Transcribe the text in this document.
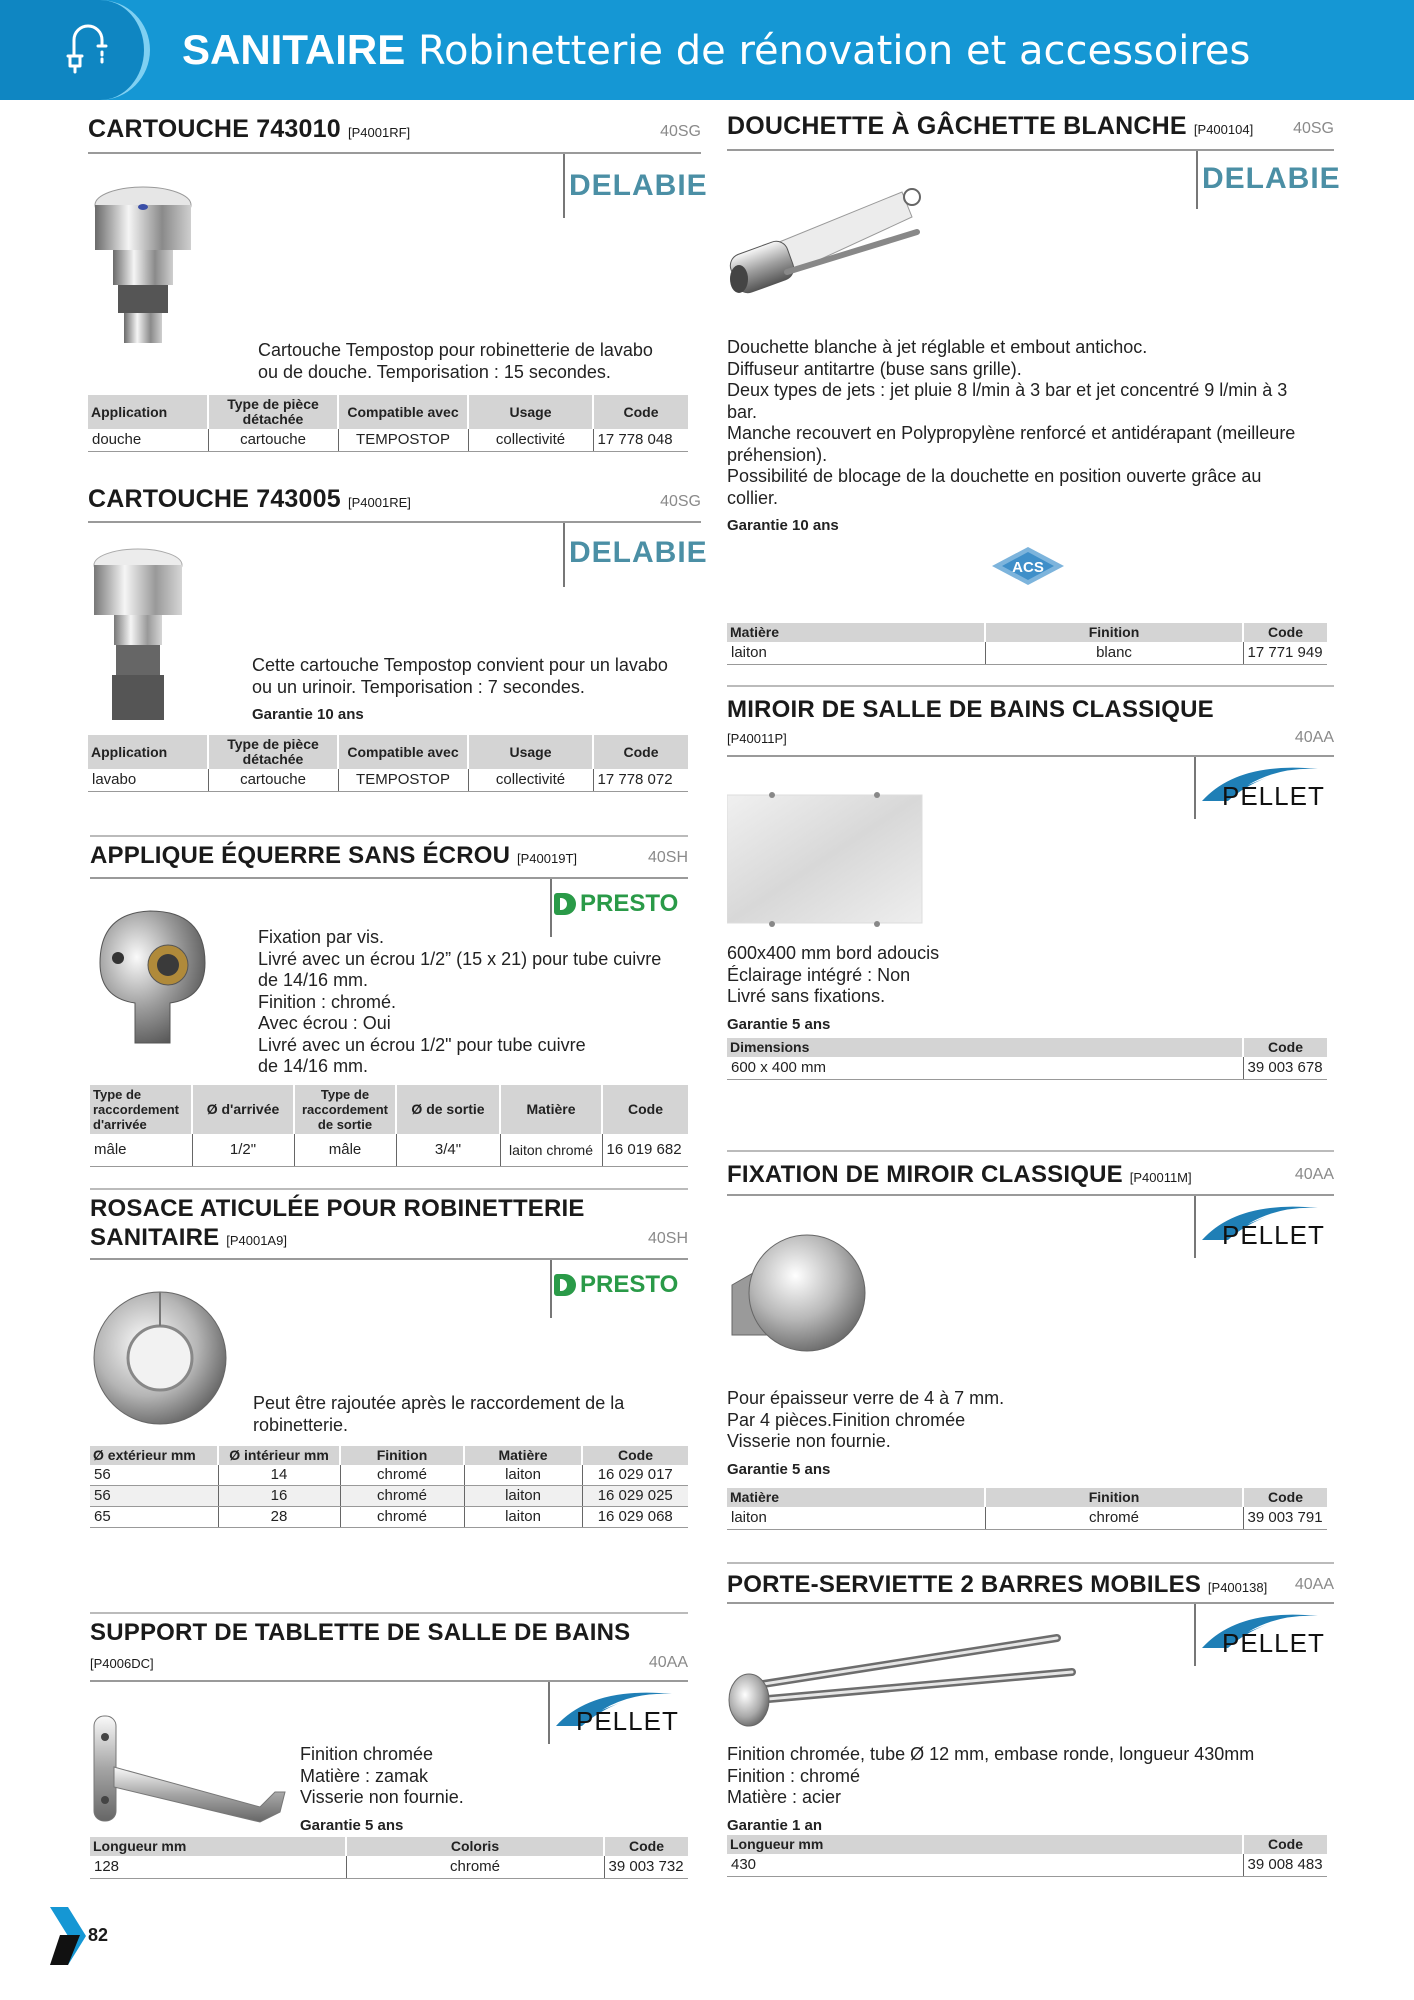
SANITAIRE Robinetterie de rénovation et accessoires
CARTOUCHE 743010 [P4001RF]	40SG
DELABIE
Cartouche Tempostop pour robinetterie de lavabo
ou de douche. Temporisation : 15 secondes.
Application	Type de pièce détachée	Compatible avec	Usage	Code
douche	cartouche	TEMPOSTOP	collectivité	17 778 048
CARTOUCHE 743005 [P4001RE]	40SG
DELABIE
Cette cartouche Tempostop convient pour un lavabo
ou un urinoir. Temporisation : 7 secondes.
Garantie 10 ans
Application	Type de pièce détachée	Compatible avec	Usage	Code
lavabo	cartouche	TEMPOSTOP	collectivité	17 778 072
APPLIQUE ÉQUERRE SANS ÉCROU [P40019T]	40SH
PRESTO
Fixation par vis.
Livré avec un écrou 1/2” (15 x 21) pour tube cuivre
de 14/16 mm.
Finition : chromé.
Avec écrou : Oui
Livré avec un écrou 1/2" pour tube cuivre
de 14/16 mm.
Type de raccordement d'arrivée	Ø d'arrivée	Type de raccordement de sortie	Ø de sortie	Matière	Code
mâle	1/2"	mâle	3/4"	laiton chromé	16 019 682
ROSACE ATICULÉE POUR ROBINETTERIE
SANITAIRE [P4001A9]	40SH
PRESTO
Peut être rajoutée après le raccordement de la
robinetterie.
Ø extérieur mm	Ø intérieur mm	Finition	Matière	Code
56	14	chromé	laiton	16 029 017
56	16	chromé	laiton	16 029 025
65	28	chromé	laiton	16 029 068
SUPPORT DE TABLETTE DE SALLE DE BAINS
[P4006DC]	40AA
PELLET
Finition chromée
Matière : zamak
Visserie non fournie.
Garantie 5 ans
Longueur mm	Coloris	Code
128	chromé	39 003 732
DOUCHETTE À GÂCHETTE BLANCHE [P400104]	40SG
DELABIE
Douchette blanche à jet réglable et embout antichoc.
Diffuseur antitartre (buse sans grille).
Deux types de jets : jet pluie 8 l/min à 3 bar et jet concentré 9 l/min à 3
bar.
Manche recouvert en Polypropylène renforcé et antidérapant (meilleure
préhension).
Possibilité de blocage de la douchette en position ouverte grâce au
collier.
Garantie 10 ans
ACS
Matière	Finition	Code
laiton	blanc	17 771 949
MIROIR DE SALLE DE BAINS CLASSIQUE
[P40011P]	40AA
PELLET
600x400 mm bord adoucis
Éclairage intégré : Non
Livré sans fixations.
Garantie 5 ans
Dimensions	Code
600 x 400 mm	39 003 678
FIXATION DE MIROIR CLASSIQUE [P40011M]	40AA
PELLET
Pour épaisseur verre de 4 à 7 mm.
Par 4 pièces.Finition chromée
Visserie non fournie.
Garantie 5 ans
Matière	Finition	Code
laiton	chromé	39 003 791
PORTE-SERVIETTE 2 BARRES MOBILES [P400138] 40AA
PELLET
Finition chromée, tube Ø 12 mm, embase ronde, longueur 430mm
Finition : chromé
Matière : acier
Garantie 1 an
Longueur mm	Code
430	39 008 483
82
